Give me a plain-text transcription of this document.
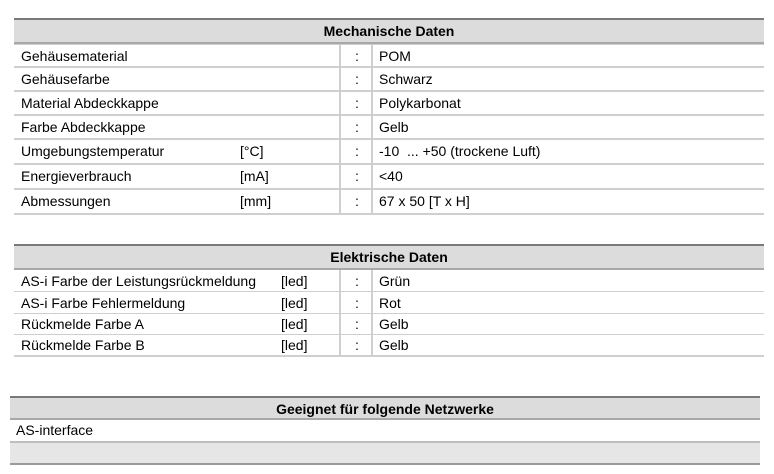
Mechanische Daten
Gehäusematerial	: POM
Gehäusefarbe	: Schwarz
Material Abdeckkappe	: Polykarbonat
Farbe Abdeckkappe	: Gelb
Umgebungstemperatur	[°C]	: -10  ... +50 (trockene Luft)
Energieverbrauch	[mA]	: <40
Abmessungen	[mm]	: 67 x 50 [T x H]
Elektrische Daten
AS-i Farbe der Leistungsrückmeldung [led]	: Grün
AS-i Farbe Fehlermeldung	[led]	: Rot
Rückmelde Farbe A	[led]	: Gelb
Rückmelde Farbe B	[led]	: Gelb
Geeignet für folgende Netzwerke
AS-interface
